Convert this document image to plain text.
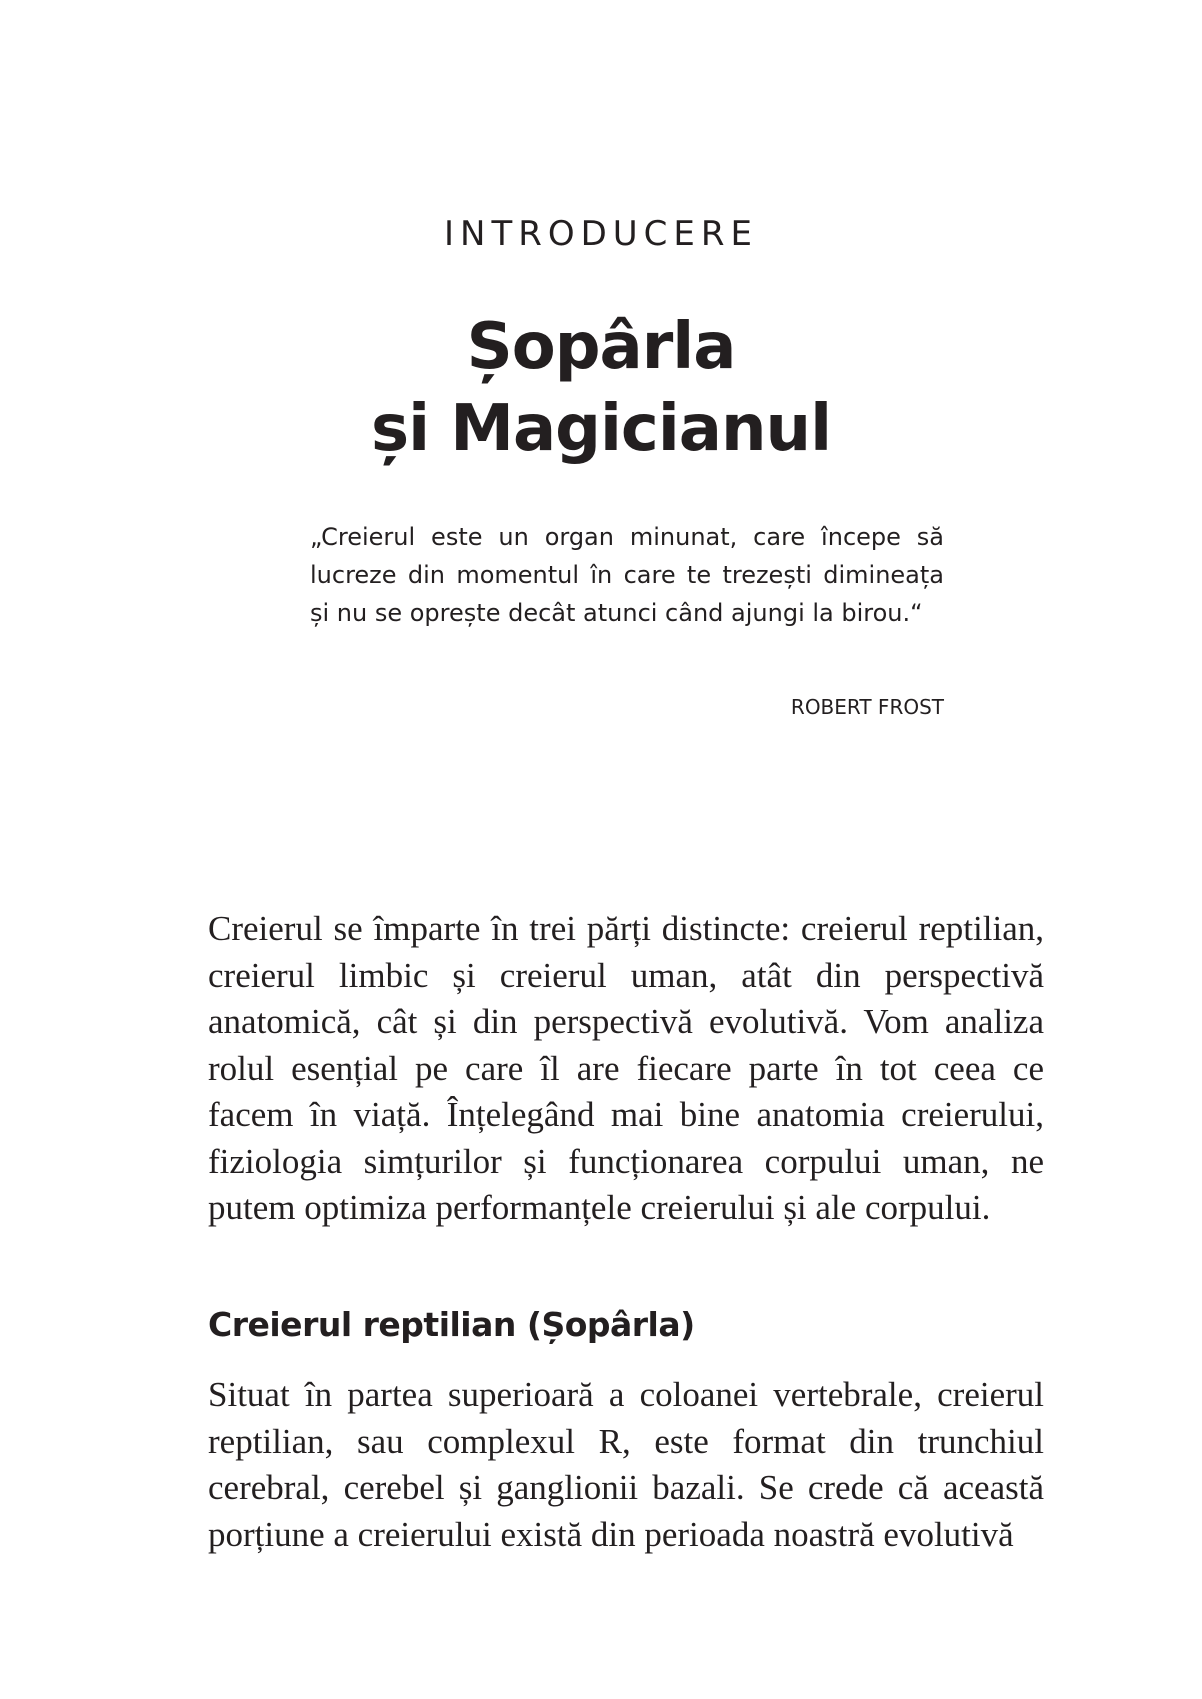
INTRODUCERE
Șopârla
și Magicianul
„Creierul este un organ minunat, care începe să lucreze din momentul în care te trezești dimineața și nu se oprește decât atunci când ajungi la birou.“
ROBERT FROST

Creierul se împarte în trei părți distincte: creierul reptilian, creierul limbic și creierul uman, atât din perspectivă anatomică, cât și din perspectivă evolutivă. Vom analiza rolul esențial pe care îl are fiecare parte în tot ceea ce facem în viață. Înțelegând mai bine anatomia creierului, fiziologia simțurilor și funcționarea corpului uman, ne putem optimiza performanțele creierului și ale corpului.

Creierul reptilian (Șopârla)

Situat în partea superioară a coloanei vertebrale, creierul reptilian, sau complexul R, este format din trunchiul cerebral, cerebel și ganglionii bazali. Se crede că această porțiune a creierului există din perioada noastră evolutivă
